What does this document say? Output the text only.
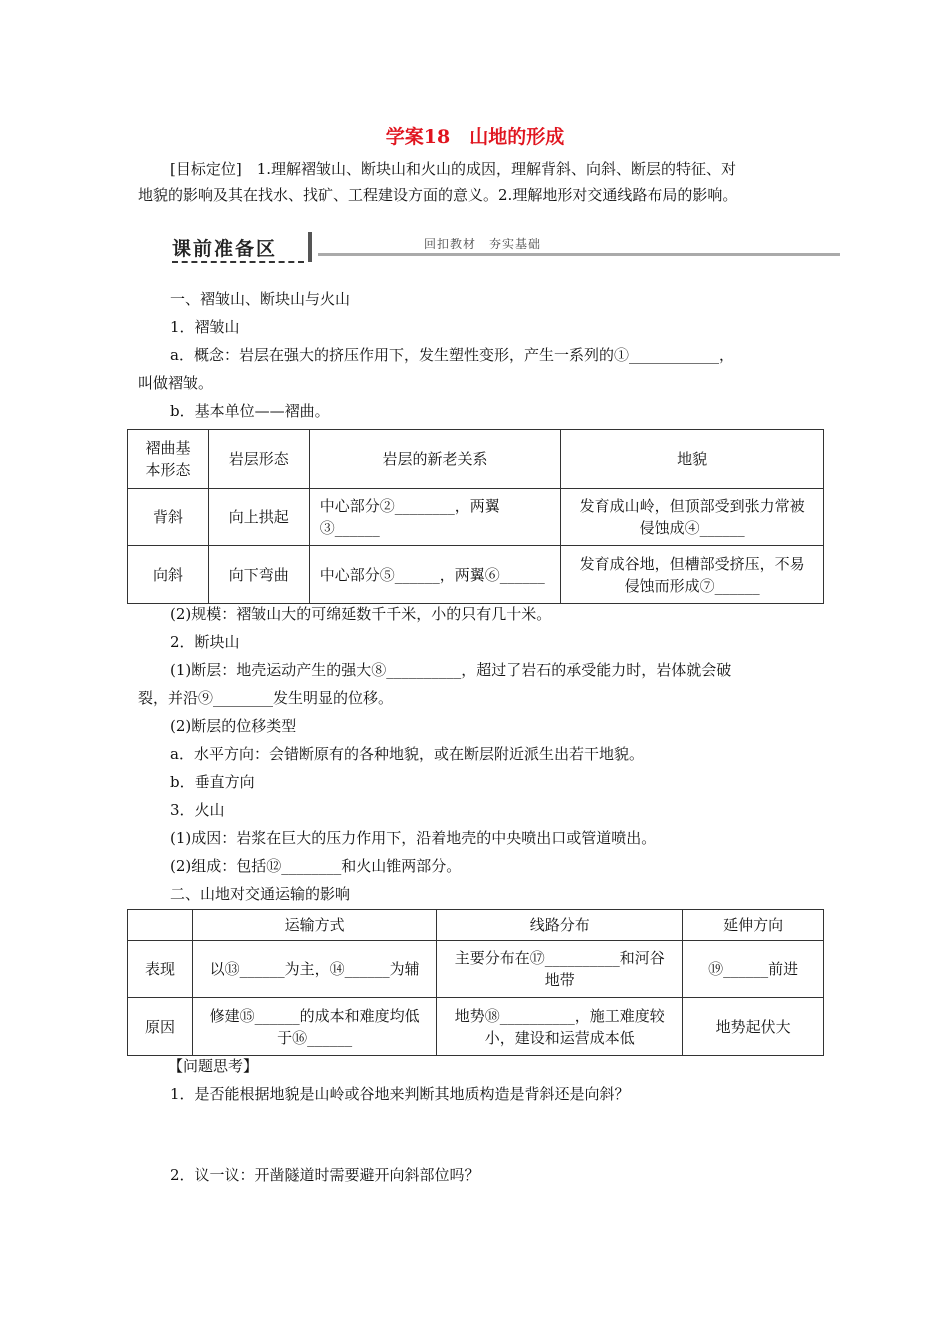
学案18　山地的形成
[目标定位]　1.理解褶皱山、断块山和火山的成因，理解背斜、向斜、断层的特征、对
地貌的影响及其在找水、找矿、工程建设方面的意义。2.理解地形对交通线路布局的影响。
课前准备区	回扣教材　夯实基础
一、褶皱山、断块山与火山
1．褶皱山
a．概念：岩层在强大的挤压作用下，发生塑性变形，产生一系列的①____________，
叫做褶皱。
b．基本单位——褶曲。
褶曲基本形态	岩层形态	岩层的新老关系	地貌
背斜	向上拱起	中心部分②________，两翼③______	发育成山岭，但顶部受到张力常被侵蚀成④______
向斜	向下弯曲	中心部分⑤______，两翼⑥______	发育成谷地，但槽部受挤压，不易侵蚀而形成⑦______
(2)规模：褶皱山大的可绵延数千千米，小的只有几十米。
2．断块山
(1)断层：地壳运动产生的强大⑧__________，超过了岩石的承受能力时，岩体就会破
裂，并沿⑨________发生明显的位移。
(2)断层的位移类型
a．水平方向：会错断原有的各种地貌，或在断层附近派生出若干地貌。
b．垂直方向
3．火山
(1)成因：岩浆在巨大的压力作用下，沿着地壳的中央喷出口或管道喷出。
(2)组成：包括⑫________和火山锥两部分。
二、山地对交通运输的影响
	运输方式	线路分布	延伸方向
表现	以⑬______为主，⑭______为辅	主要分布在⑰__________和河谷地带	⑲______前进
原因	修建⑮______的成本和难度均低于⑯______	地势⑱__________，施工难度较小，建设和运营成本低	地势起伏大
【问题思考】
1．是否能根据地貌是山岭或谷地来判断其地质构造是背斜还是向斜？
2．议一议：开凿隧道时需要避开向斜部位吗？
